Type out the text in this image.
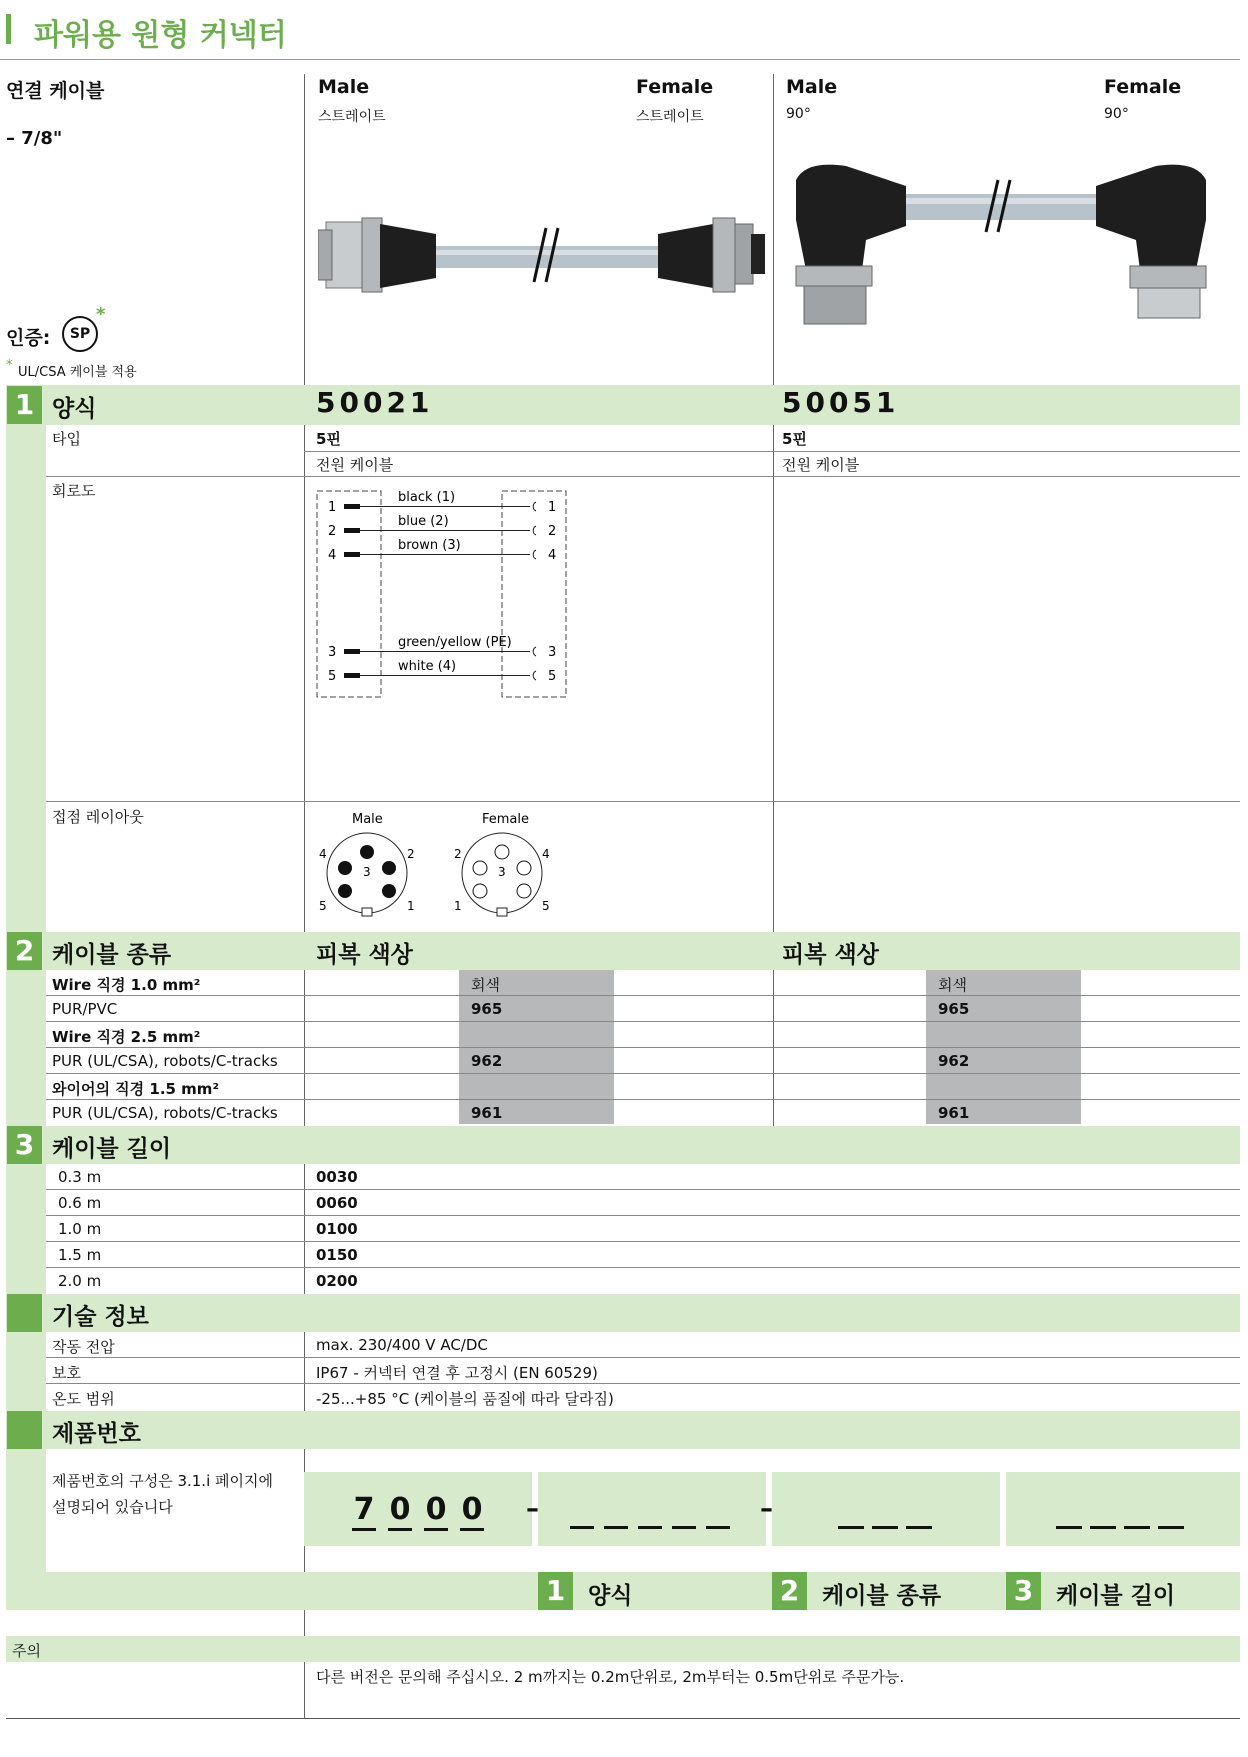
파워용 원형 커넥터
연결 케이블
– 7/8"
Male
스트레이트
Female
스트레이트
Male
90°
Female
90°
인증:	SP
*
* UL/CSA 케이블 적용
1 양식	50021	50051
타입	5핀	5핀
전원 케이블	전원 케이블
회로도	black (1)
blue (2)
brown (3)
green/yellow (PE)
white (4)
1
2
4
3
5
1
2
4
3
5
접점 레이아웃	Male	Female
4	2
3
5	1
2	4
3
1	5
2 케이블 종류	피복 색상	피복 색상
회색	회색
Wire 직경 1.0 mm²
PUR/PVC	965	965
Wire 직경 2.5 mm²
PUR (UL/CSA), robots/C-tracks	962	962
와이어의 직경 1.5 mm²
PUR (UL/CSA), robots/C-tracks	961	961
3 케이블 길이
0.3 m	0030
0.6 m	0060
1.0 m	0100
1.5 m	0150
2.0 m	0200
기술 정보
작동 전압	max. 230/400 V AC/DC
보호	IP67 - 커넥터 연결 후 고정시 (EN 60529)
온도 범위	-25...+85 °C (케이블의 품질에 따라 달라짐)
제품번호
제품번호의 구성은 3.1.i 페이지에
설명되어 있습니다	7 0 0 0 –	–
1 양식	2 케이블 종류	3 케이블 길이
주의
다른 버전은 문의해 주십시오. 2 m까지는 0.2m단위로, 2m부터는 0.5m단위로 주문가능.
